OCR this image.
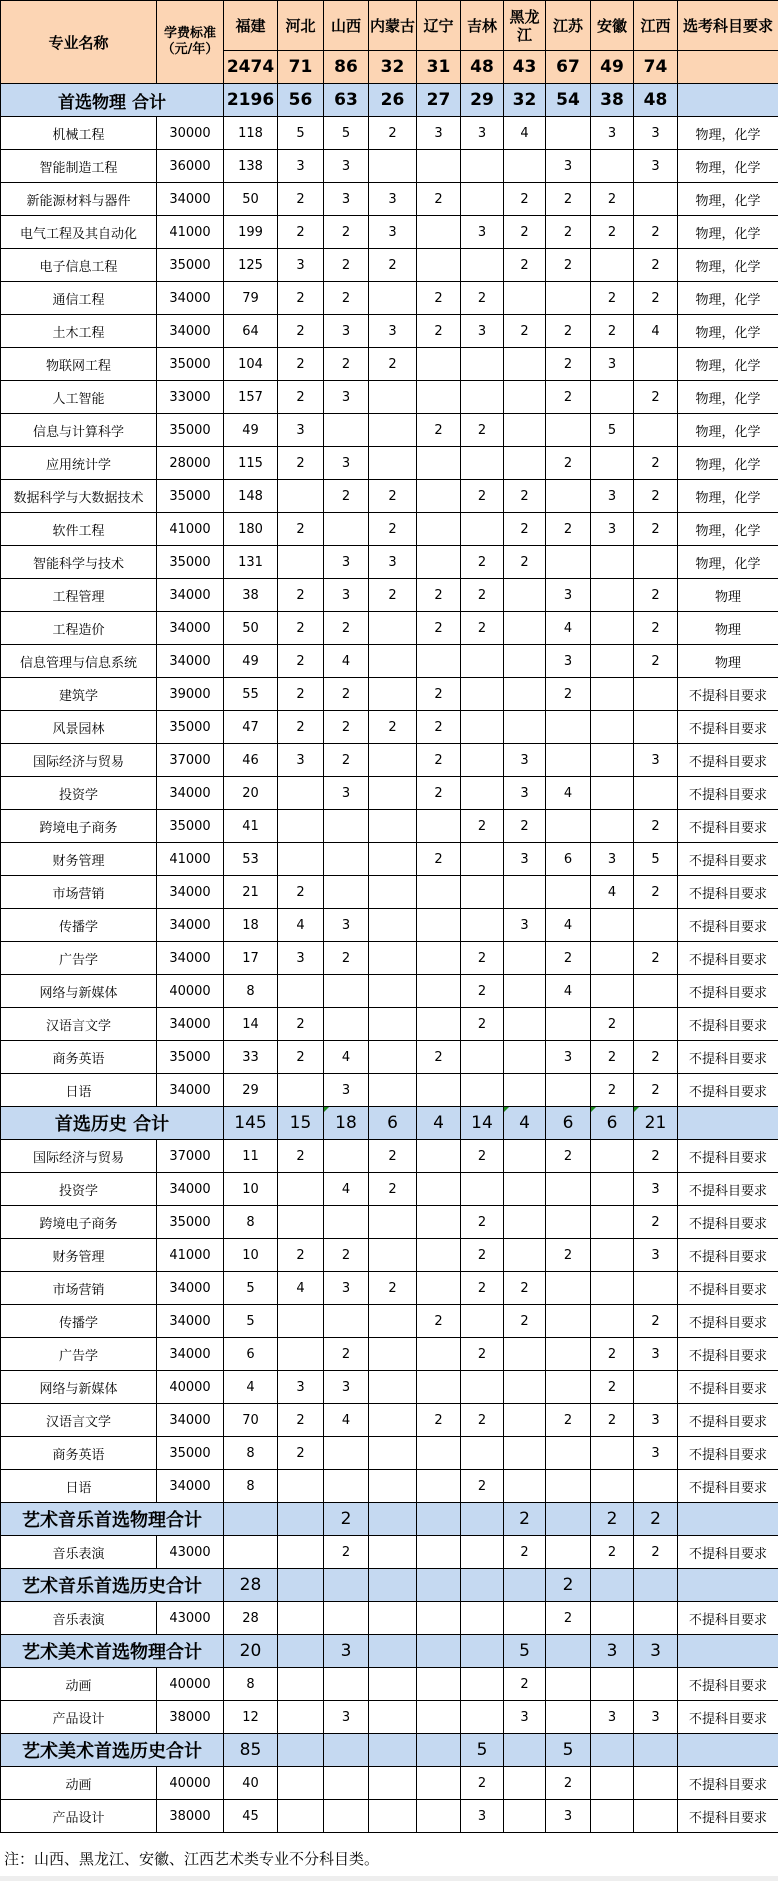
专业名称	学费标准
（元/年）	福建	河北	山西	内蒙古	辽宁	吉林	黑龙江	江苏	安徽	江西	选考科目要求
		2474	71	86	32	31	48	43	67	49	74	
首选物理 合计		2196	56	63	26	27	29	32	54	38	48	
机械工程	30000	118	5	5	2	3	3	4		3	3	物理，化学
智能制造工程	36000	138	3	3					3		3	物理，化学
新能源材料与器件	34000	50	2	3	3	2		2	2	2		物理，化学
电气工程及其自动化	41000	199	2	2	3		3	2	2	2	2	物理，化学
电子信息工程	35000	125	3	2	2			2	2		2	物理，化学
通信工程	34000	79	2	2		2	2			2	2	物理，化学
土木工程	34000	64	2	3	3	2	3	2	2	2	4	物理，化学
物联网工程	35000	104	2	2	2				2	3		物理，化学
人工智能	33000	157	2	3					2		2	物理，化学
信息与计算科学	35000	49	3			2	2			5		物理，化学
应用统计学	28000	115	2	3					2		2	物理，化学
数据科学与大数据技术	35000	148		2	2		2	2		3	2	物理，化学
软件工程	41000	180	2		2			2	2	3	2	物理，化学
智能科学与技术	35000	131		3	3		2	2				物理，化学
工程管理	34000	38	2	3	2	2	2		3		2	物理
工程造价	34000	50	2	2		2	2		4		2	物理
信息管理与信息系统	34000	49	2	4					3		2	物理
建筑学	39000	55	2	2		2			2			不提科目要求
风景园林	35000	47	2	2	2	2						不提科目要求
国际经济与贸易	37000	46	3	2		2		3			3	不提科目要求
投资学	34000	20		3		2		3	4			不提科目要求
跨境电子商务	35000	41					2	2			2	不提科目要求
财务管理	41000	53				2		3	6	3	5	不提科目要求
市场营销	34000	21	2							4	2	不提科目要求
传播学	34000	18	4	3				3	4			不提科目要求
广告学	34000	17	3	2			2		2		2	不提科目要求
网络与新媒体	40000	8					2		4			不提科目要求
汉语言文学	34000	14	2				2			2		不提科目要求
商务英语	35000	33	2	4		2			3	2	2	不提科目要求
日语	34000	29		3						2	2	不提科目要求
首选历史 合计		145	15	18	6	4	14	4	6	6	21	
国际经济与贸易	37000	11	2		2		2		2		2	不提科目要求
投资学	34000	10		4	2						3	不提科目要求
跨境电子商务	35000	8					2				2	不提科目要求
财务管理	41000	10	2	2			2		2		3	不提科目要求
市场营销	34000	5	4	3	2		2	2				不提科目要求
传播学	34000	5				2		2			2	不提科目要求
广告学	34000	6		2			2			2	3	不提科目要求
网络与新媒体	40000	4	3	3						2		不提科目要求
汉语言文学	34000	70	2	4		2	2		2	2	3	不提科目要求
商务英语	35000	8	2								3	不提科目要求
日语	34000	8					2					不提科目要求
艺术音乐首选物理合计				2				2		2	2	
音乐表演	43000			2				2		2	2	不提科目要求
艺术音乐首选历史合计		28							2			
音乐表演	43000	28							2			不提科目要求
艺术美术首选物理合计		20		3				5		3	3	
动画	40000	8						2				不提科目要求
产品设计	38000	12		3				3		3	3	不提科目要求
艺术美术首选历史合计		85					5		5			
动画	40000	40					2		2			不提科目要求
产品设计	38000	45					3		3			不提科目要求
注：山西、黑龙江、安徽、江西艺术类专业不分科目类。
